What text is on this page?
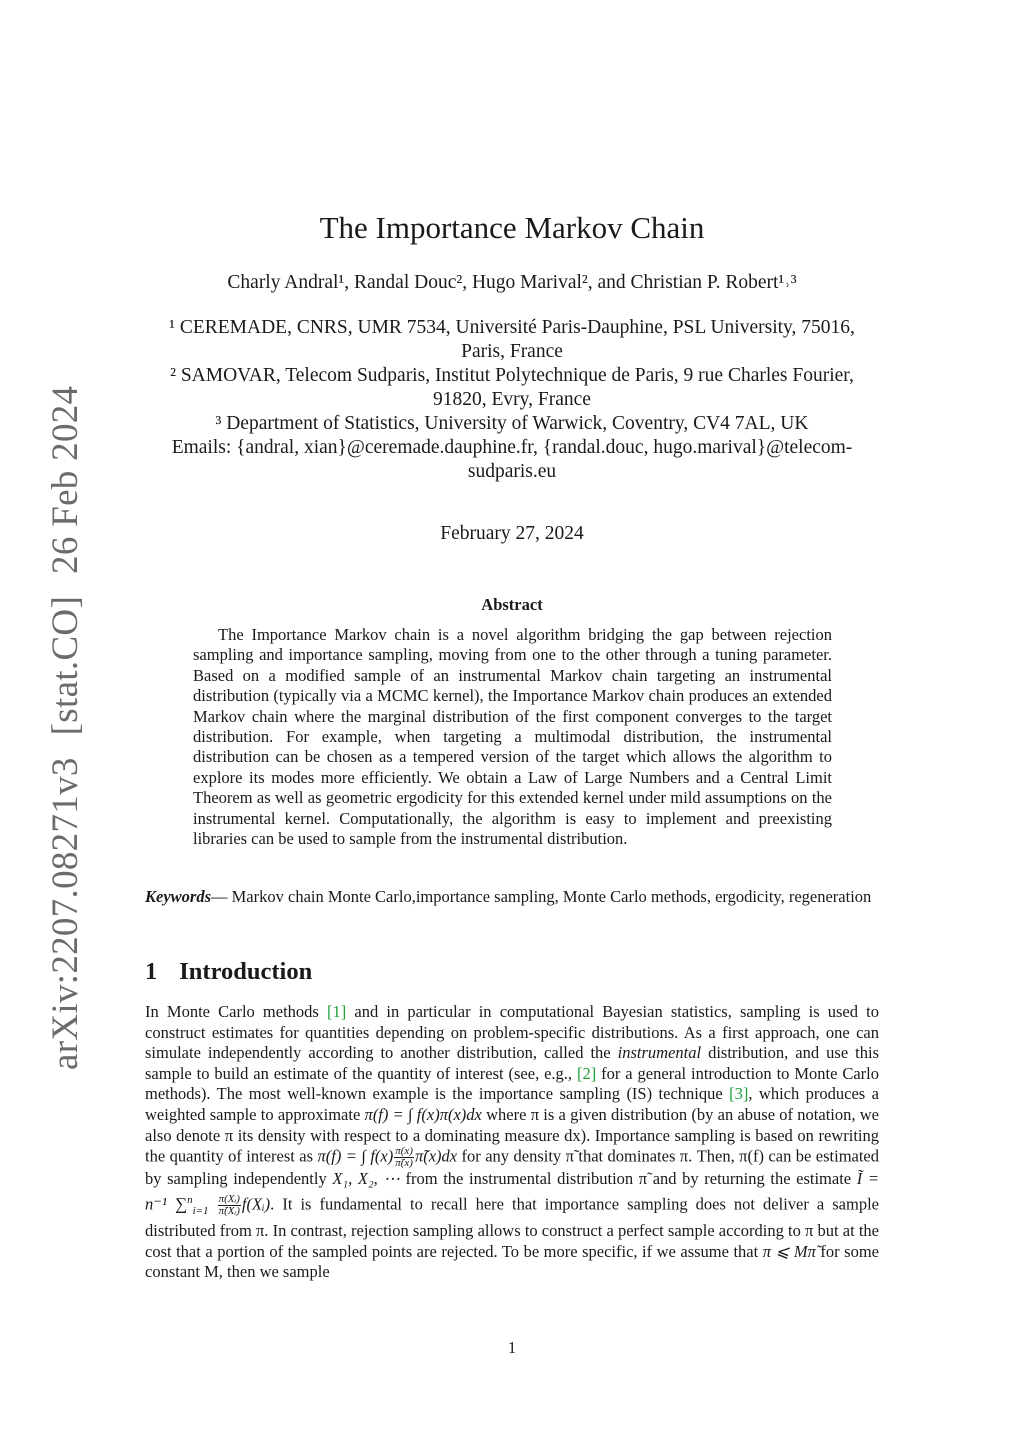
arXiv:2207.08271v3[stat.CO]26 Feb 2024
The Importance Markov Chain
Charly Andral¹, Randal Douc², Hugo Marival², and Christian P. Robert¹˒³
¹ CEREMADE, CNRS, UMR 7534, Université Paris-Dauphine, PSL University, 75016, Paris, France
² SAMOVAR, Telecom Sudparis, Institut Polytechnique de Paris, 9 rue Charles Fourier, 91820, Evry, France
³ Department of Statistics, University of Warwick, Coventry, CV4 7AL, UK
Emails: {andral, xian}@ceremade.dauphine.fr, {randal.douc, hugo.marival}@telecom-sudparis.eu
February 27, 2024
Abstract
The Importance Markov chain is a novel algorithm bridging the gap between rejection sampling and importance sampling, moving from one to the other through a tuning parameter. Based on a modified sample of an instrumental Markov chain targeting an instrumental distribution (typically via a MCMC kernel), the Importance Markov chain produces an extended Markov chain where the marginal distribution of the first component converges to the target distribution. For example, when targeting a multimodal distribution, the instrumental distribution can be chosen as a tempered version of the target which allows the algorithm to explore its modes more efficiently. We obtain a Law of Large Numbers and a Central Limit Theorem as well as geometric ergodicity for this extended kernel under mild assumptions on the instrumental kernel. Computationally, the algorithm is easy to implement and preexisting libraries can be used to sample from the instrumental distribution.
Keywords— Markov chain Monte Carlo,importance sampling, Monte Carlo methods, ergodicity, regeneration
1 Introduction
In Monte Carlo methods [1] and in particular in computational Bayesian statistics, sampling is used to construct estimates for quantities depending on problem-specific distributions. As a first approach, one can simulate independently according to another distribution, called the instrumental distribution, and use this sample to build an estimate of the quantity of interest (see, e.g., [2] for a general introduction to Monte Carlo methods). The most well-known example is the importance sampling (IS) technique [3], which produces a weighted sample to approximate π(f) = ∫ f(x)π(x)dx where π is a given distribution (by an abuse of notation, we also denote π its density with respect to a dominating measure dx). Importance sampling is based on rewriting the quantity of interest as π(f) = ∫ $f(x) \frac{\pi(x)}{\pĩ(x)}$ π̃(x)dx for any density π̃ that dominates π. Then, π(f) can be estimated by sampling independently X₁, X₂, ⋯ from the instrumental distribution π̃ and by returning the estimate Ĩ = n⁻¹ $\sum^n_{i=1} \frac{\text{π(Xᵢ)}}{\text{π̃(Xᵢ)}}$ f(Xᵢ). It is fundamental to recall here that importance sampling does not deliver a sample distributed from π. In contrast, rejection sampling allows to construct a perfect sample according to π but at the cost that a portion of the sampled points are rejected. To be more specific, if we assume that π ⩽ Mπ̃ for some constant M, then we sample
1
